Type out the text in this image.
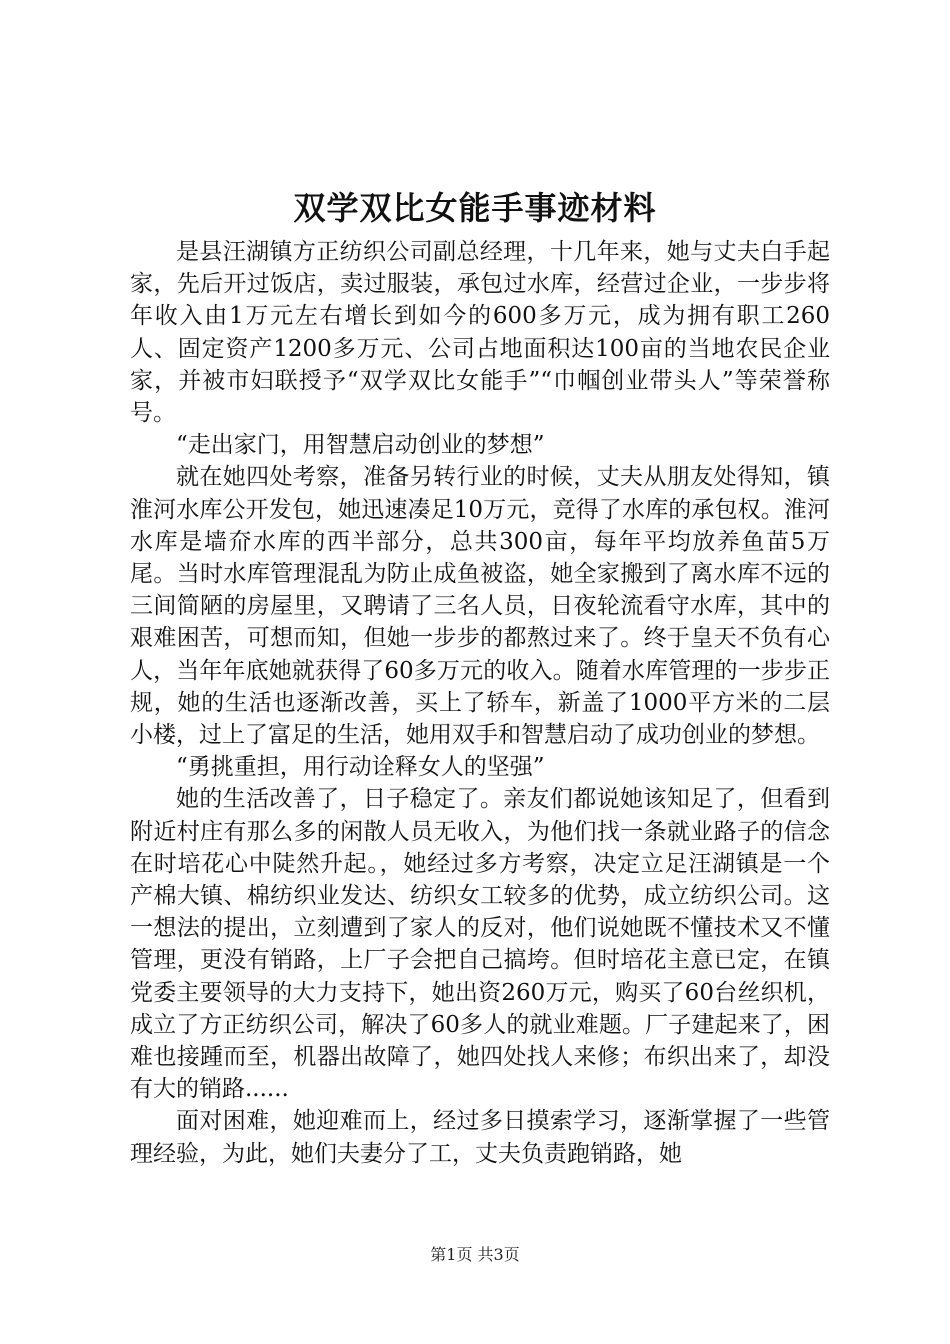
双学双比女能手事迹材料

是县汪湖镇方正纺织公司副总经理，十几年来，她与丈夫白手起家，先后开过饭店，卖过服装，承包过水库，经营过企业，一步步将年收入由1万元左右增长到如今的600多万元，成为拥有职工260人、固定资产1200多万元、公司占地面积达100亩的当地农民企业家，并被市妇联授予“双学双比女能手”“巾帼创业带头人”等荣誉称号。

“走出家门，用智慧启动创业的梦想”

就在她四处考察，准备另转行业的时候，丈夫从朋友处得知，镇淮河水库公开发包，她迅速凑足10万元，竞得了水库的承包权。淮河水库是墙夼水库的西半部分，总共300亩，每年平均放养鱼苗5万尾。当时水库管理混乱为防止成鱼被盗，她全家搬到了离水库不远的三间简陋的房屋里，又聘请了三名人员，日夜轮流看守水库，其中的艰难困苦，可想而知，但她一步步的都熬过来了。终于皇天不负有心人，当年年底她就获得了60多万元的收入。随着水库管理的一步步正规，她的生活也逐渐改善，买上了轿车，新盖了1000平方米的二层小楼，过上了富足的生活，她用双手和智慧启动了成功创业的梦想。

“勇挑重担，用行动诠释女人的坚强”

她的生活改善了，日子稳定了。亲友们都说她该知足了，但看到附近村庄有那么多的闲散人员无收入，为他们找一条就业路子的信念在时培花心中陡然升起。，她经过多方考察，决定立足汪湖镇是一个产棉大镇、棉纺织业发达、纺织女工较多的优势，成立纺织公司。这一想法的提出，立刻遭到了家人的反对，他们说她既不懂技术又不懂管理，更没有销路，上厂子会把自己搞垮。但时培花主意已定，在镇党委主要领导的大力支持下，她出资260万元，购买了60台丝织机，成立了方正纺织公司，解决了60多人的就业难题。厂子建起来了，困难也接踵而至，机器出故障了，她四处找人来修；布织出来了，却没有大的销路......

面对困难，她迎难而上，经过多日摸索学习，逐渐掌握了一些管理经验，为此，她们夫妻分了工，丈夫负责跑销路，她

第1页 共3页
